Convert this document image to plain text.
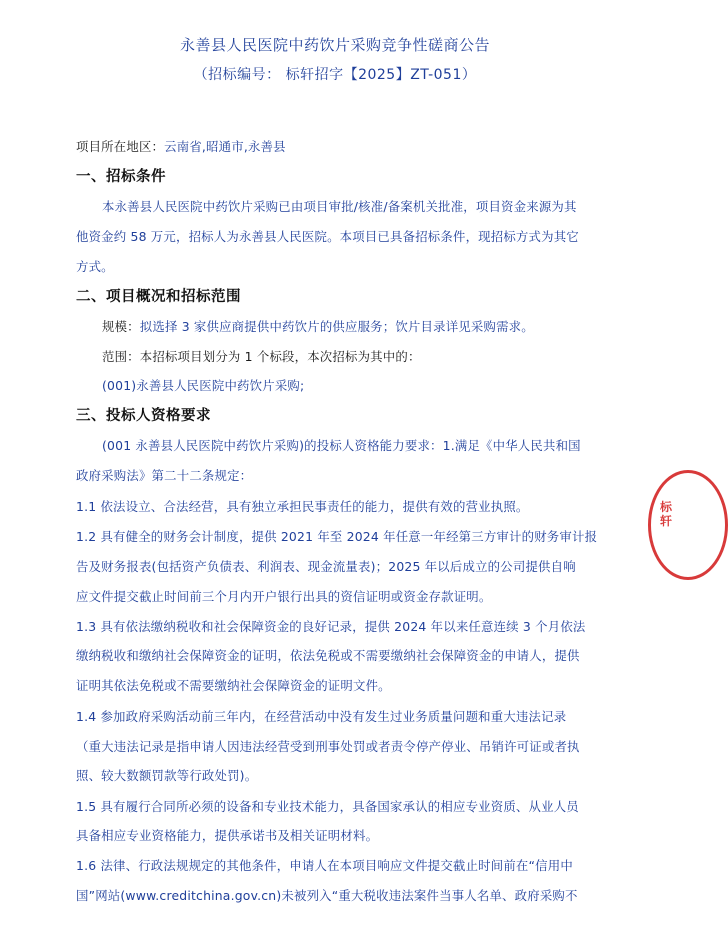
永善县人民医院中药饮片采购竞争性磋商公告
（招标编号： 标轩招字【2025】ZT-051）
项目所在地区：云南省,昭通市,永善县
一、招标条件
本永善县人民医院中药饮片采购已由项目审批/核准/备案机关批准，项目资金来源为其
他资金约 58 万元，招标人为永善县人民医院。本项目已具备招标条件，现招标方式为其它
方式。
二、项目概况和招标范围
规模：拟选择 3 家供应商提供中药饮片的供应服务；饮片目录详见采购需求。
范围：本招标项目划分为 1 个标段，本次招标为其中的：
(001)永善县人民医院中药饮片采购;
三、投标人资格要求
(001 永善县人民医院中药饮片采购)的投标人资格能力要求：1.满足《中华人民共和国
政府采购法》第二十二条规定：
1.1 依法设立、合法经营，具有独立承担民事责任的能力，提供有效的营业执照。
1.2 具有健全的财务会计制度，提供 2021 年至 2024 年任意一年经第三方审计的财务审计报
告及财务报表(包括资产负债表、利润表、现金流量表)；2025 年以后成立的公司提供自响
应文件提交截止时间前三个月内开户银行出具的资信证明或资金存款证明。
1.3 具有依法缴纳税收和社会保障资金的良好记录，提供 2024 年以来任意连续 3 个月依法
缴纳税收和缴纳社会保障资金的证明，依法免税或不需要缴纳社会保障资金的申请人，提供
证明其依法免税或不需要缴纳社会保障资金的证明文件。
1.4 参加政府采购活动前三年内，在经营活动中没有发生过业务质量问题和重大违法记录
（重大违法记录是指申请人因违法经营受到刑事处罚或者责令停产停业、吊销许可证或者执
照、较大数额罚款等行政处罚)。
1.5 具有履行合同所必须的设备和专业技术能力，具备国家承认的相应专业资质、从业人员
具备相应专业资格能力，提供承诺书及相关证明材料。
1.6 法律、行政法规规定的其他条件，申请人在本项目响应文件提交截止时间前在“信用中
国”网站(www.creditchina.gov.cn)未被列入“重大税收违法案件当事人名单、政府采购不
标轩
